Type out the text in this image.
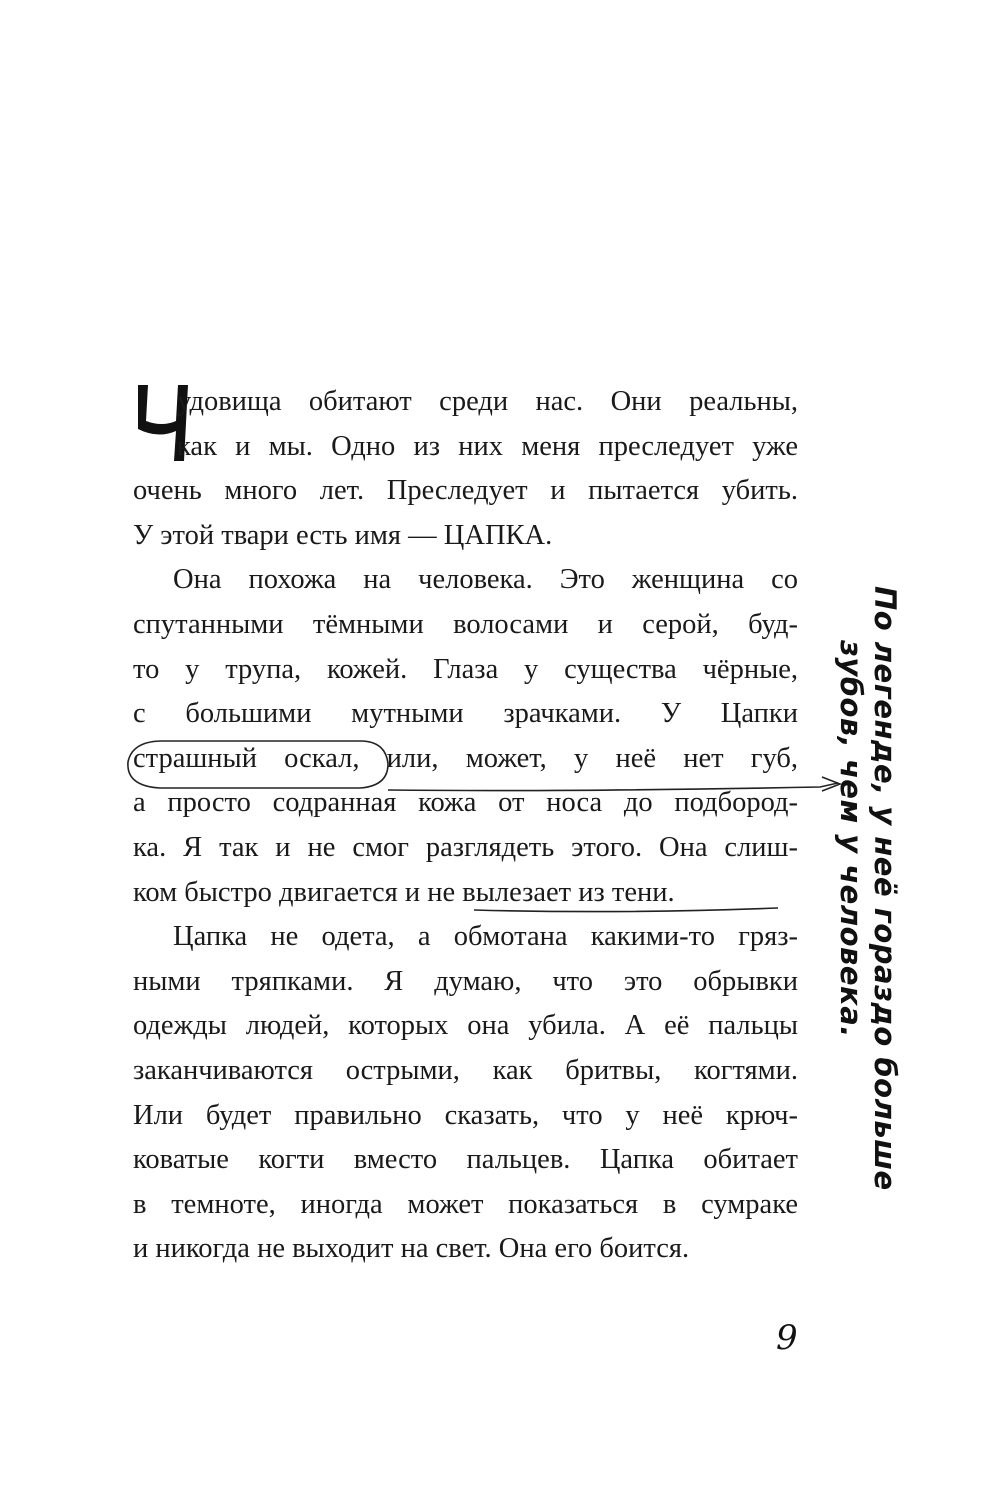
Ч
удовища обитают среди нас. Они реальны,
как и мы. Одно из них меня преследует уже
очень много лет. Преследует и пытается убить.
У этой твари есть имя — ЦАПКА.
Она похожа на человека. Это женщина со
спутанными тёмными волосами и серой, буд-
то у трупа, кожей. Глаза у существа чёрные,
с большими мутными зрачками. У Цапки
страшный оскал, или, может, у неё нет губ,
а просто содранная кожа от носа до подбород-
ка. Я так и не смог разглядеть этого. Она слиш-
ком быстро двигается и не вылезает из тени.
Цапка не одета, а обмотана какими-то гряз-
ными тряпками. Я думаю, что это обрывки
одежды людей, которых она убила. А её пальцы
заканчиваются острыми, как бритвы, когтями.
Или будет правильно сказать, что у неё крюч-
коватые когти вместо пальцев. Цапка обитает
в темноте, иногда может показаться в сумраке
и никогда не выходит на свет. Она его боится.
По легенде, у неё гораздо больше
зубов, чем у человека.
9
